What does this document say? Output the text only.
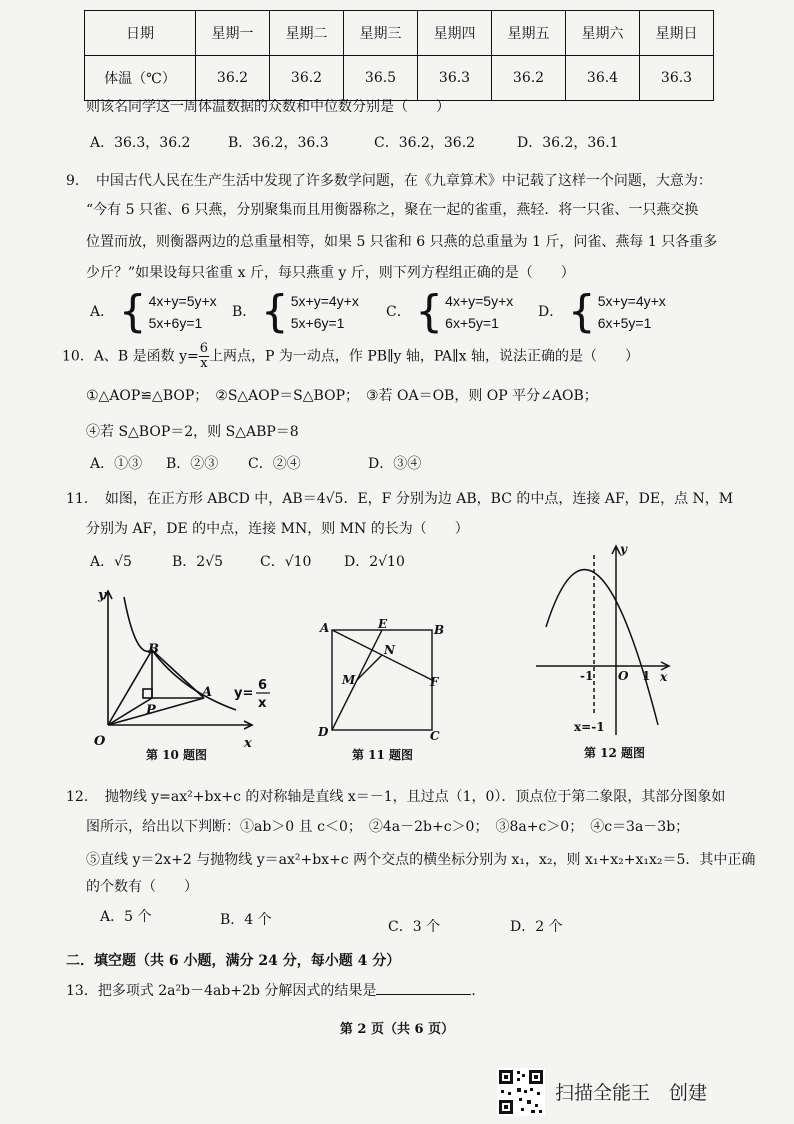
日期	星期一	星期二	星期三	星期四	星期五	星期六	星期日
体温（℃）	36.2	36.2	36.5	36.3	36.2	36.4	36.3
则该名同学这一周体温数据的众数和中位数分别是（　　）
A．36.3，36.2	B．36.2，36.3	C．36.2，36.2	D．36.2，36.1
9．　中国古代人民在生产生活中发现了许多数学问题，在《九章算术》中记载了这样一个问题，大意为：
“今有 5 只雀、6 只燕，分别聚集而且用衡器称之，聚在一起的雀重，燕轻．将一只雀、一只燕交换
位置而放，则衡器两边的总重量相等，如果 5 只雀和 6 只燕的总重量为 1 斤，问雀、燕每 1 只各重多
少斤？”如果设每只雀重 x 斤，每只燕重 y 斤，则下列方程组正确的是（　　）
A． { 4x+y=5y+x
5x+6y=1
B． { 5x+y=4y+x
5x+6y=1
C． { 4x+y=5y+x
6x+5y=1
D． { 5x+y=4y+x
6x+5y=1
10．A、B 是函数 $y= \frac{6}{x}$ 上两点，P 为一动点，作 PB∥y 轴，PA∥x 轴，说法正确的是（　　）
①△AOP≌△BOP；　②S△AOP＝S△BOP；　③若 OA＝OB，则 OP 平分∠AOB；
④若 S△BOP＝2，则 S△ABP＝8
A．①③ B．②③ C．②④	D．③④
11．　如图，在正方形 ABCD 中，AB＝4√5．E，F 分别为边 AB，BC 的中点，连接 AF，DE，点 N，M
分别为 AF，DE 的中点，连接 MN，则 MN 的长为（　　）
A．√5	B．2√5	C．√10 D．2√10
y
x
O
B
P
A y=
6
x
第 10 题图
A	B
C
D
E
F
M
N
第 11 题图
y
x
O
-1	1
x=-1
第 12 题图
12．　抛物线 y=ax²+bx+c 的对称轴是直线 x＝－1，且过点（1，0）．顶点位于第二象限，其部分图象如
图所示，给出以下判断：①ab＞0 且 c＜0；　②4a－2b+c＞0；　③8a+c＞0；　④c＝3a－3b；
⑤直线 y＝2x+2 与抛物线 y＝ax²+bx+c 两个交点的横坐标分别为 x₁，x₂，则 x₁+x₂+x₁x₂＝5．其中正确
的个数有（　　）
A．5 个	B．4 个	C．3 个	D．2 个
二．填空题（共 6 小题，满分 24 分，每小题 4 分）
13．把多项式 2a²b－4ab+2b 分解因式的结果是	．
第 2 页（共 6 页）
扫描全能王　创建
